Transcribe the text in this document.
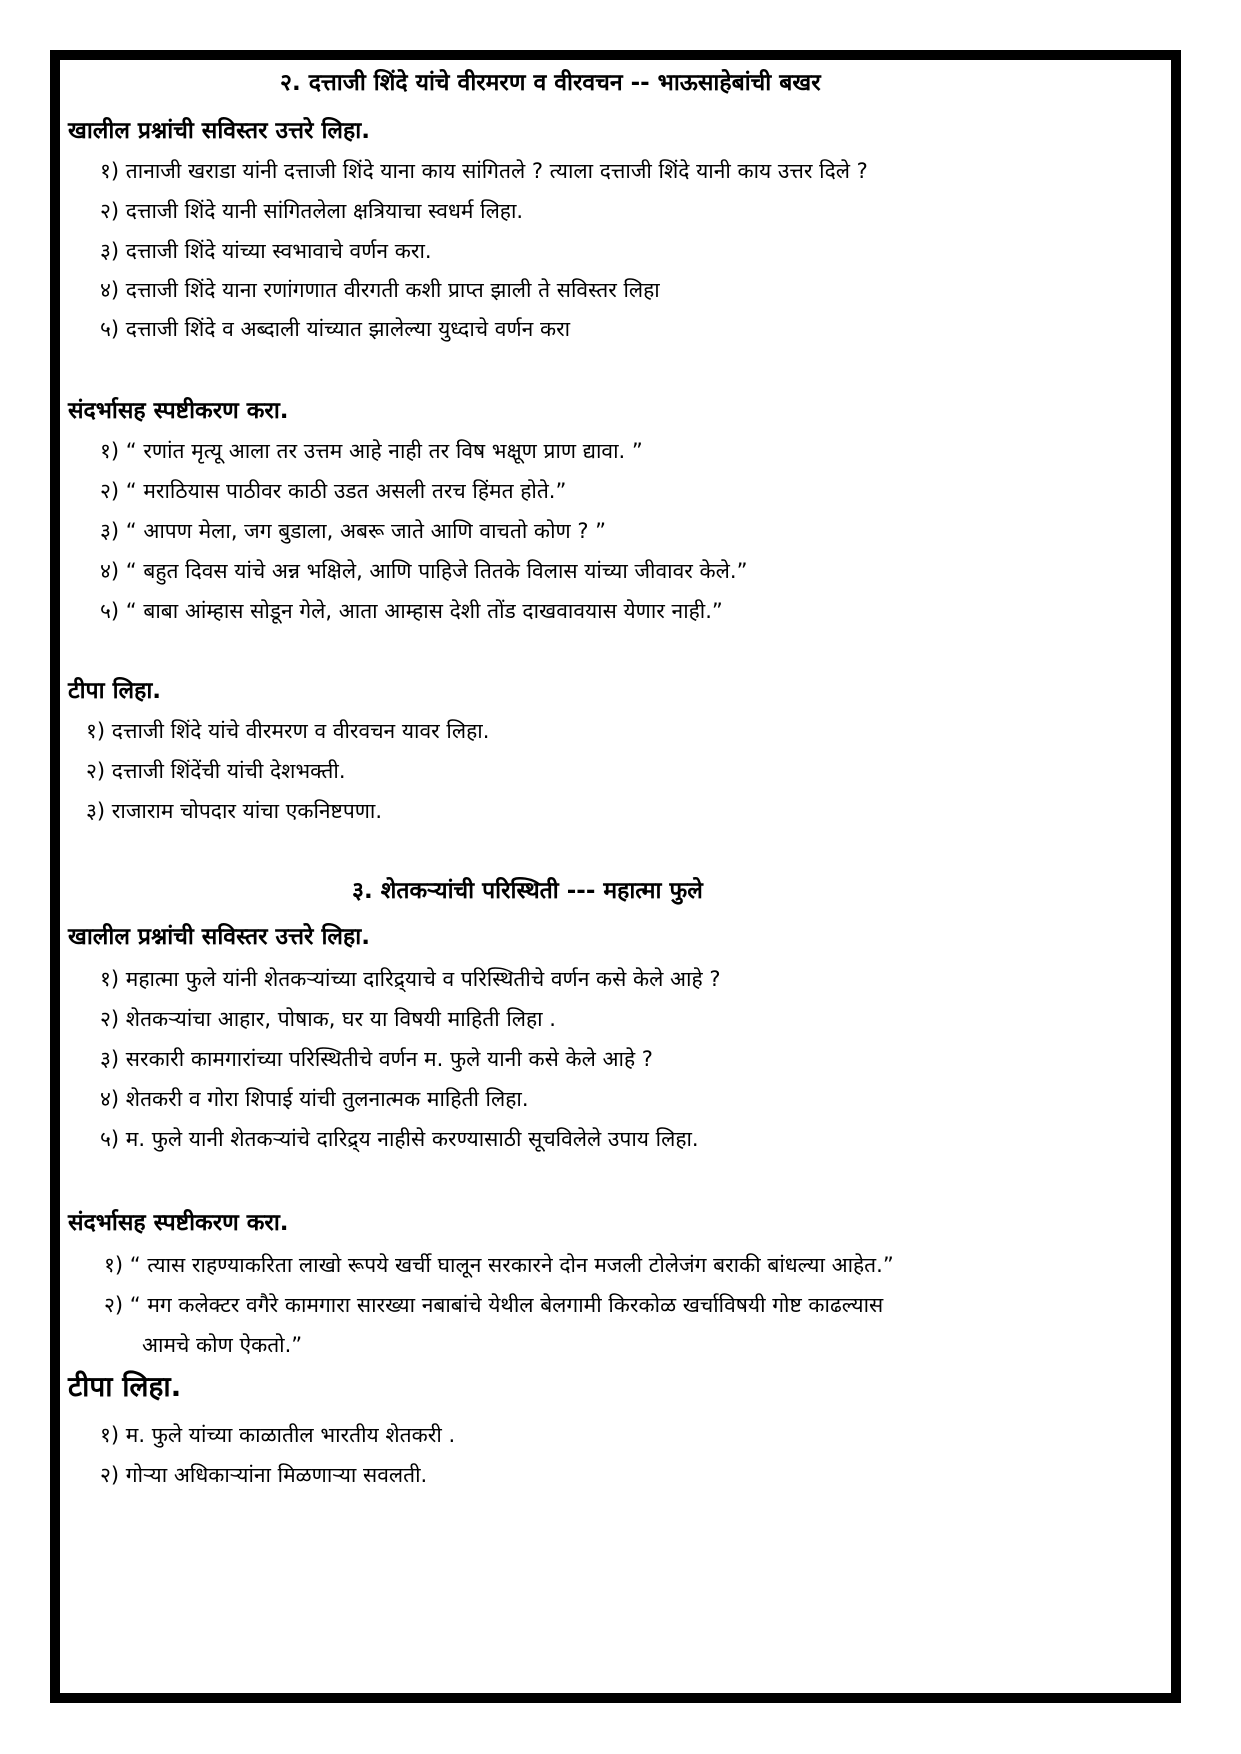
२. दत्ताजी शिंदे यांचे वीरमरण व वीरवचन -- भाऊसाहेबांची बखर
खालील प्रश्नांची सविस्तर उत्तरे लिहा.
१) तानाजी खराडा यांनी दत्ताजी शिंदे याना काय सांगितले ? त्याला दत्ताजी शिंदे यानी काय उत्तर दिले ?
२) दत्ताजी शिंदे यानी सांगितलेला क्षत्रियाचा स्वधर्म लिहा.
३) दत्ताजी शिंदे यांच्या स्वभावाचे वर्णन करा.
४) दत्ताजी शिंदे याना रणांगणात वीरगती कशी प्राप्त झाली ते सविस्तर लिहा
५) दत्ताजी शिंदे व अब्दाली यांच्यात झालेल्या युध्दाचे वर्णन करा
संदर्भासह स्पष्टीकरण करा.
१) “ रणांत मृत्यू आला तर उत्तम आहे नाही तर विष भक्षूण प्राण द्यावा. ”
२) “ मराठियास पाठीवर काठी उडत असली तरच हिंमत होते.”
३) “ आपण मेला, जग बुडाला, अबरू जाते आणि वाचतो कोण ? ”
४) “ बहुत दिवस यांचे अन्न भक्षिले, आणि पाहिजे तितके विलास यांच्या जीवावर केले.”
५) “ बाबा आंम्हास सोडून गेले, आता आम्हास देशी तोंड दाखवावयास येणार नाही.”
टीपा लिहा.
१) दत्ताजी शिंदे यांचे वीरमरण व वीरवचन यावर लिहा.
२) दत्ताजी शिंदेंची यांची देशभक्ती.
३) राजाराम चोपदार यांचा एकनिष्टपणा.
३. शेतकऱ्यांची परिस्थिती --- महात्मा फुले
खालील प्रश्नांची सविस्तर उत्तरे लिहा.
१) महात्मा फुले यांनी शेतकऱ्यांच्या दारिद्र्याचे व परिस्थितीचे वर्णन कसे केले आहे ?
२) शेतकऱ्यांचा आहार, पोषाक, घर या विषयी माहिती लिहा .
३) सरकारी कामगारांच्या परिस्थितीचे वर्णन म. फुले यानी कसे केले आहे ?
४) शेतकरी व गोरा शिपाई यांची तुलनात्मक माहिती लिहा.
५) म. फुले यानी शेतकऱ्यांचे दारिद्र्य नाहीसे करण्यासाठी सूचविलेले उपाय लिहा.
संदर्भासह स्पष्टीकरण करा.
१) “ त्यास राहण्याकरिता लाखो रूपये खर्ची घालून सरकारने दोन मजली टोलेजंग बराकी बांधल्या आहेत.”
२) “ मग कलेक्टर वगैरे कामगारा सारख्या नबाबांचे येथील बेलगामी किरकोळ खर्चाविषयी गोष्ट काढल्यास
आमचे कोण ऐकतो.”
टीपा लिहा.
१) म. फुले यांच्या काळातील भारतीय शेतकरी .
२) गोऱ्या अधिकाऱ्यांना मिळणाऱ्या सवलती.
